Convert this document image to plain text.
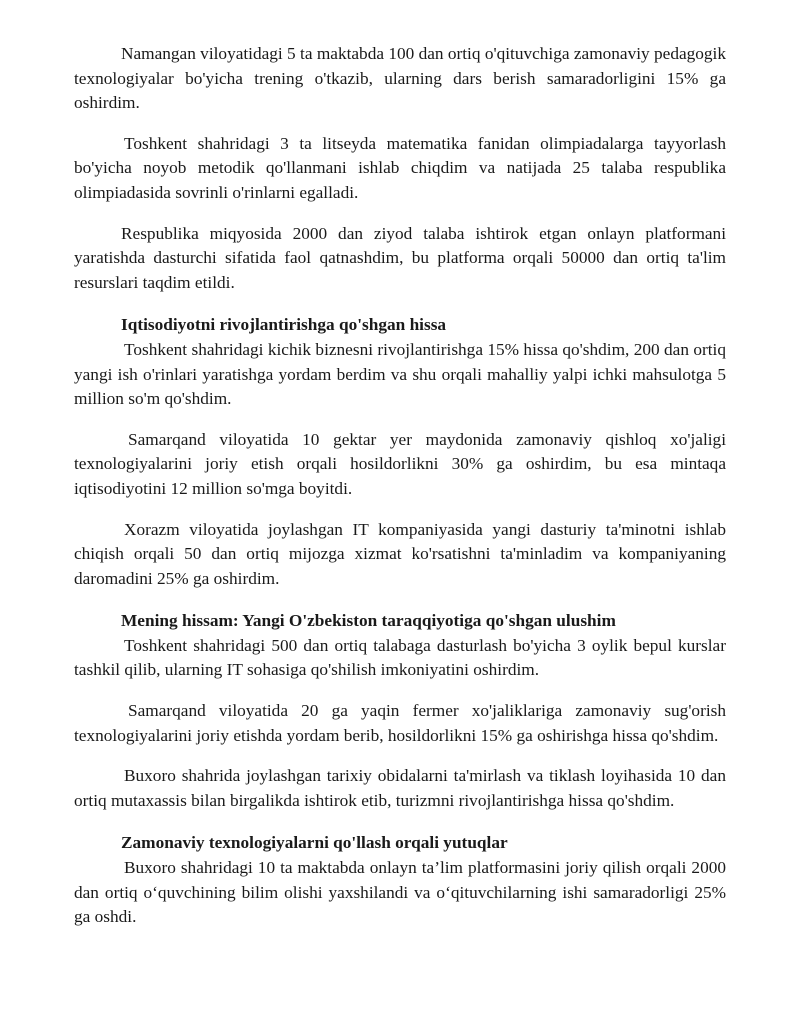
Namangan viloyatidagi 5 ta maktabda 100 dan ortiq o'qituvchiga zamonaviy pedagogik texnologiyalar bo'yicha trening o'tkazib, ularning dars berish samaradorligini 15% ga oshirdim.

Toshkent shahridagi 3 ta litseyda matematika fanidan olimpiadalarga tayyorlash bo'yicha noyob metodik qo'llanmani ishlab chiqdim va natijada 25 talaba respublika olimpiadasida sovrinli o'rinlarni egalladi.

Respublika miqyosida 2000 dan ziyod talaba ishtirok etgan onlayn platformani yaratishda dasturchi sifatida faol qatnashdim, bu platforma orqali 50000 dan ortiq ta'lim resurslari taqdim etildi.

Iqtisodiyotni rivojlantirishga qo'shgan hissa

Toshkent shahridagi kichik biznesni rivojlantirishga 15% hissa qo'shdim, 200 dan ortiq yangi ish o'rinlari yaratishga yordam berdim va shu orqali mahalliy yalpi ichki mahsulotga 5 million so'm qo'shdim.

Samarqand viloyatida 10 gektar yer maydonida zamonaviy qishloq xo'jaligi texnologiyalarini joriy etish orqali hosildorlikni 30% ga oshirdim, bu esa mintaqa iqtisodiyotini 12 million so'mga boyitdi.

Xorazm viloyatida joylashgan IT kompaniyasida yangi dasturiy ta'minotni ishlab chiqish orqali 50 dan ortiq mijozga xizmat ko'rsatishni ta'minladim va kompaniyaning daromadini 25% ga oshirdim.

Mening hissam: Yangi O'zbekiston taraqqiyotiga qo'shgan ulushim

Toshkent shahridagi 500 dan ortiq talabaga dasturlash bo'yicha 3 oylik bepul kurslar tashkil qilib, ularning IT sohasiga qo'shilish imkoniyatini oshirdim.

Samarqand viloyatida 20 ga yaqin fermer xo'jaliklariga zamonaviy sug'orish texnologiyalarini joriy etishda yordam berib, hosildorlikni 15% ga oshirishga hissa qo'shdim.

Buxoro shahrida joylashgan tarixiy obidalarni ta'mirlash va tiklash loyihasida 10 dan ortiq mutaxassis bilan birgalikda ishtirok etib, turizmni rivojlantirishga hissa qo'shdim.

Zamonaviy texnologiyalarni qo'llash orqali yutuqlar

Buxoro shahridagi 10 ta maktabda onlayn ta’lim platformasini joriy qilish orqali 2000 dan ortiq o‘quvchining bilim olishi yaxshilandi va o‘qituvchilarning ishi samaradorligi 25% ga oshdi.
